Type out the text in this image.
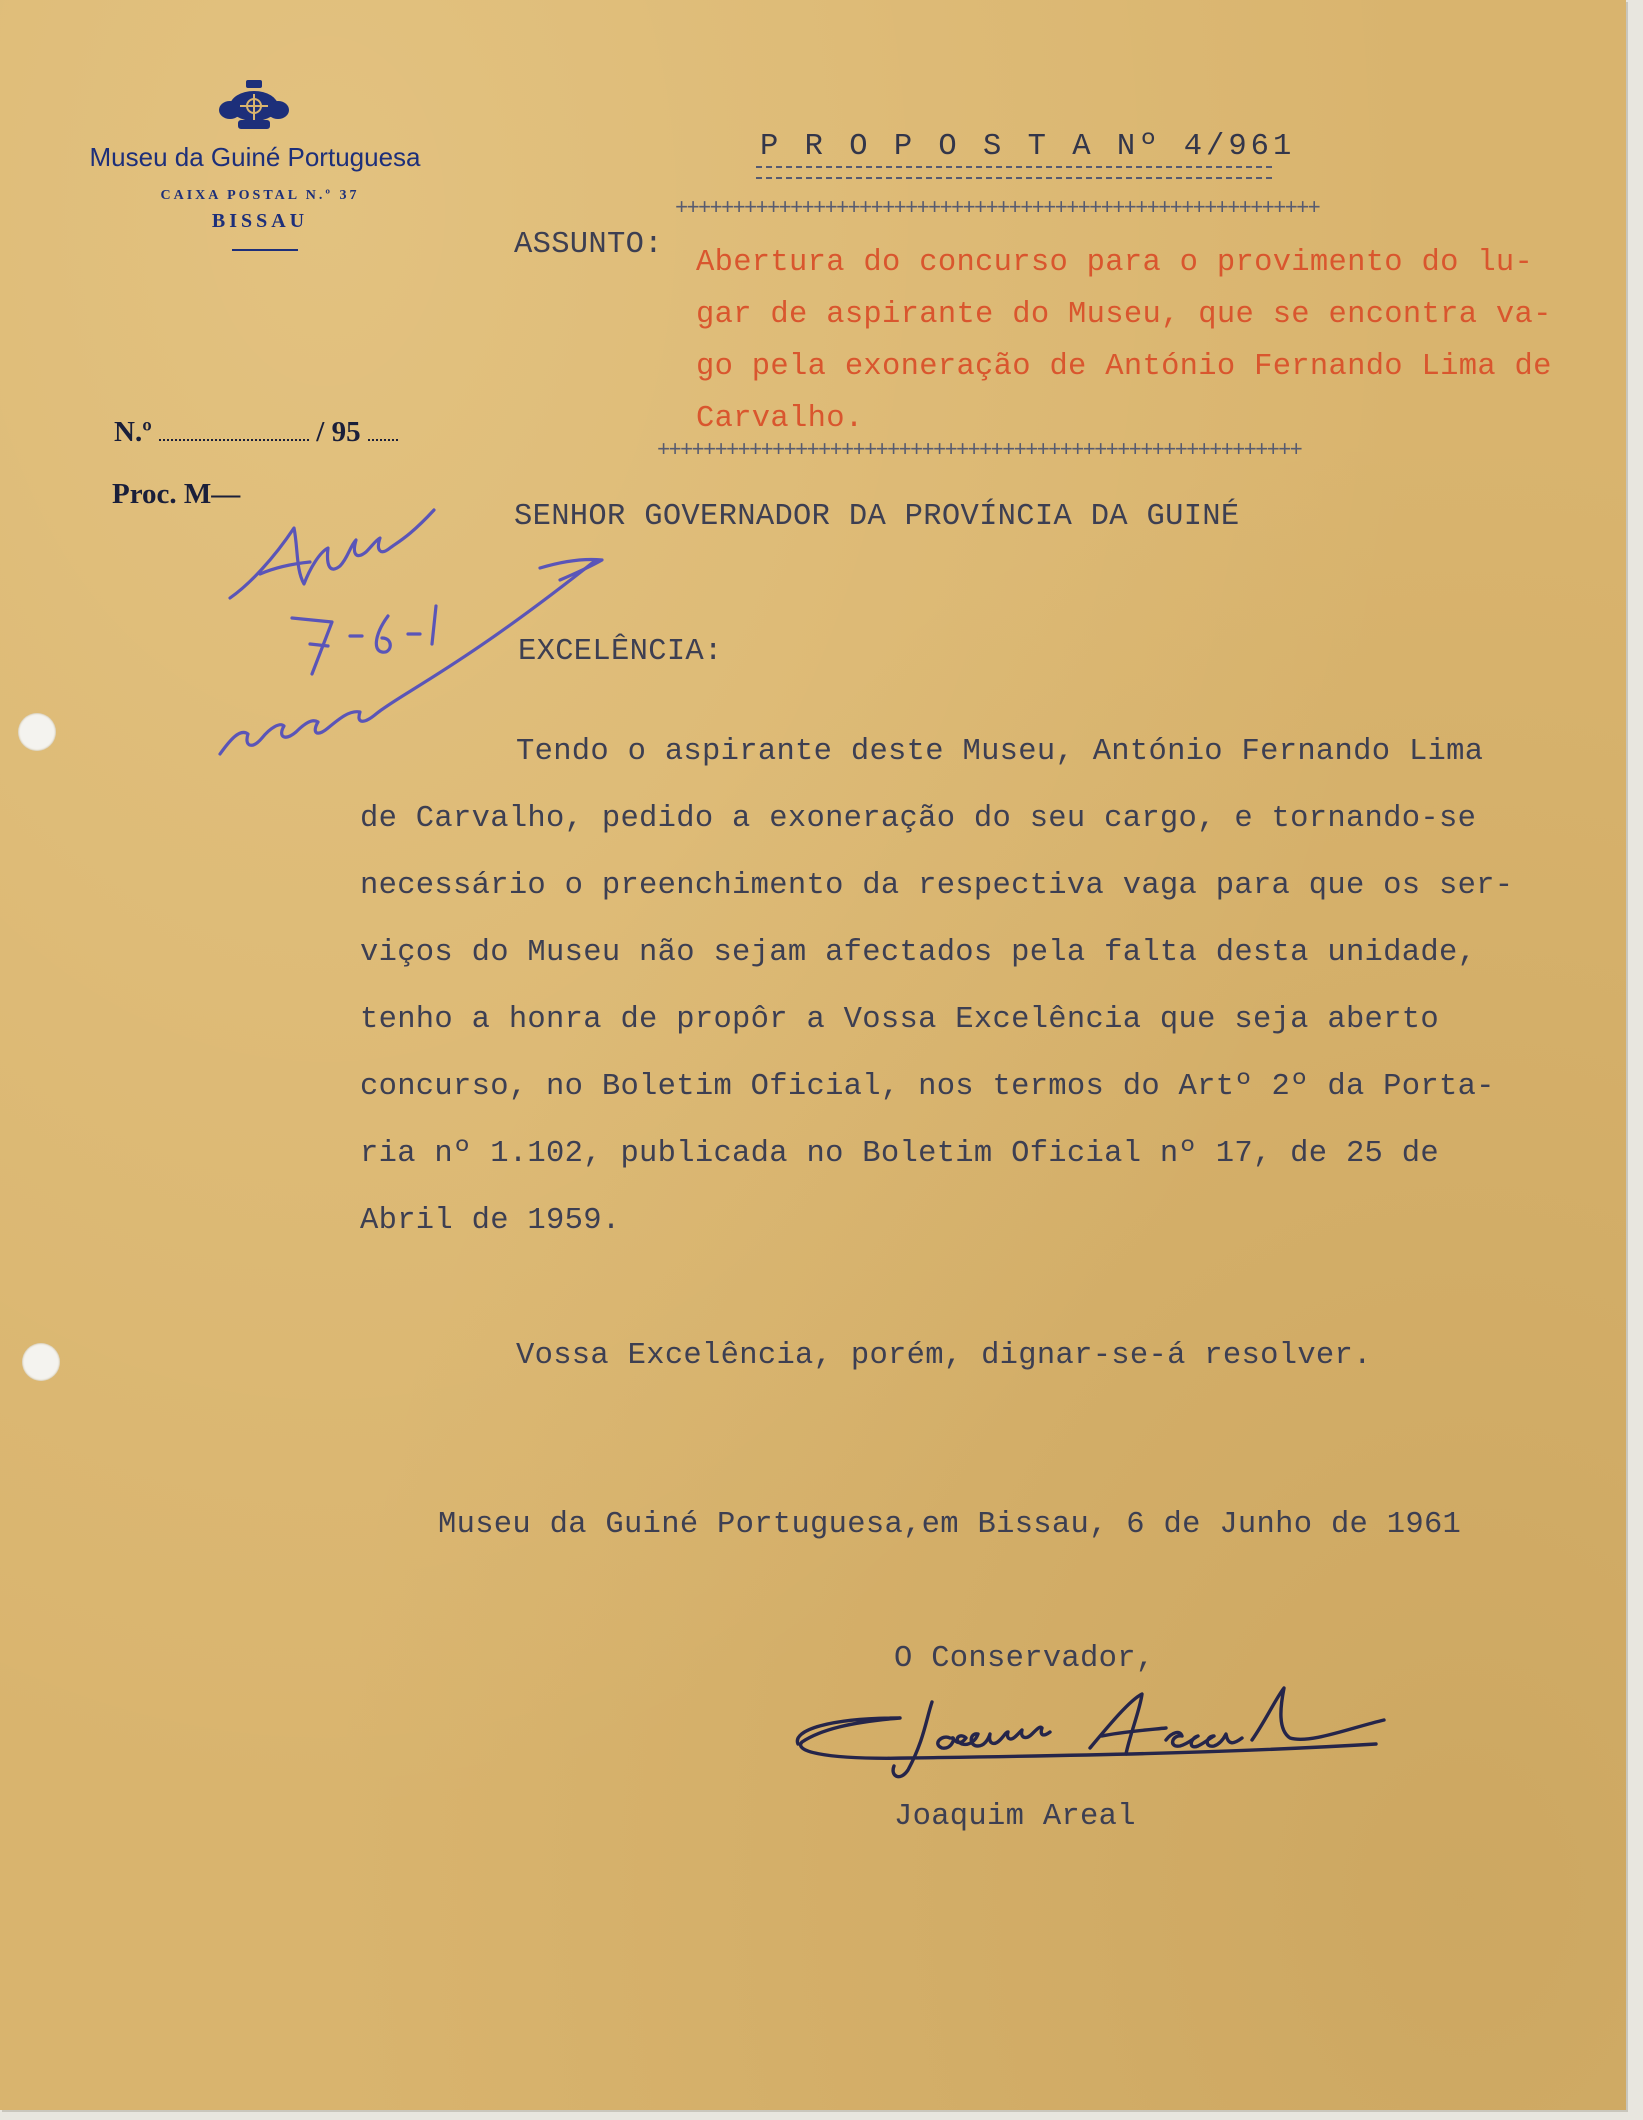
Museu da Guiné Portuguesa
CAIXA POSTAL N.º 37
BISSAU
N.º	/ 95
Proc. M—
P R O P O S T A Nº 4/961
++++++++++++++++++++++++++++++++++++++++++++++++++++++++
ASSUNTO:
Abertura do concurso para o provimento do lu-
gar de aspirante do Museu, que se encontra va-
go pela exoneração de António Fernando Lima de
Carvalho.
++++++++++++++++++++++++++++++++++++++++++++++++++++++++
SENHOR GOVERNADOR DA PROVÍNCIA DA GUINÉ
EXCELÊNCIA:
Tendo o aspirante deste Museu, António Fernando Lima
de Carvalho, pedido a exoneração do seu cargo, e tornando-se
necessário o preenchimento da respectiva vaga para que os ser-
viços do Museu não sejam afectados pela falta desta unidade,
tenho a honra de propôr a Vossa Excelência que seja aberto
concurso, no Boletim Oficial, nos termos do Artº 2º da Porta-
ria nº 1.102, publicada no Boletim Oficial nº 17, de 25 de
Abril de 1959.
Vossa Excelência, porém, dignar-se-á resolver.
Museu da Guiné Portuguesa,em Bissau, 6 de Junho de 1961
O Conservador,
Joaquim Areal
